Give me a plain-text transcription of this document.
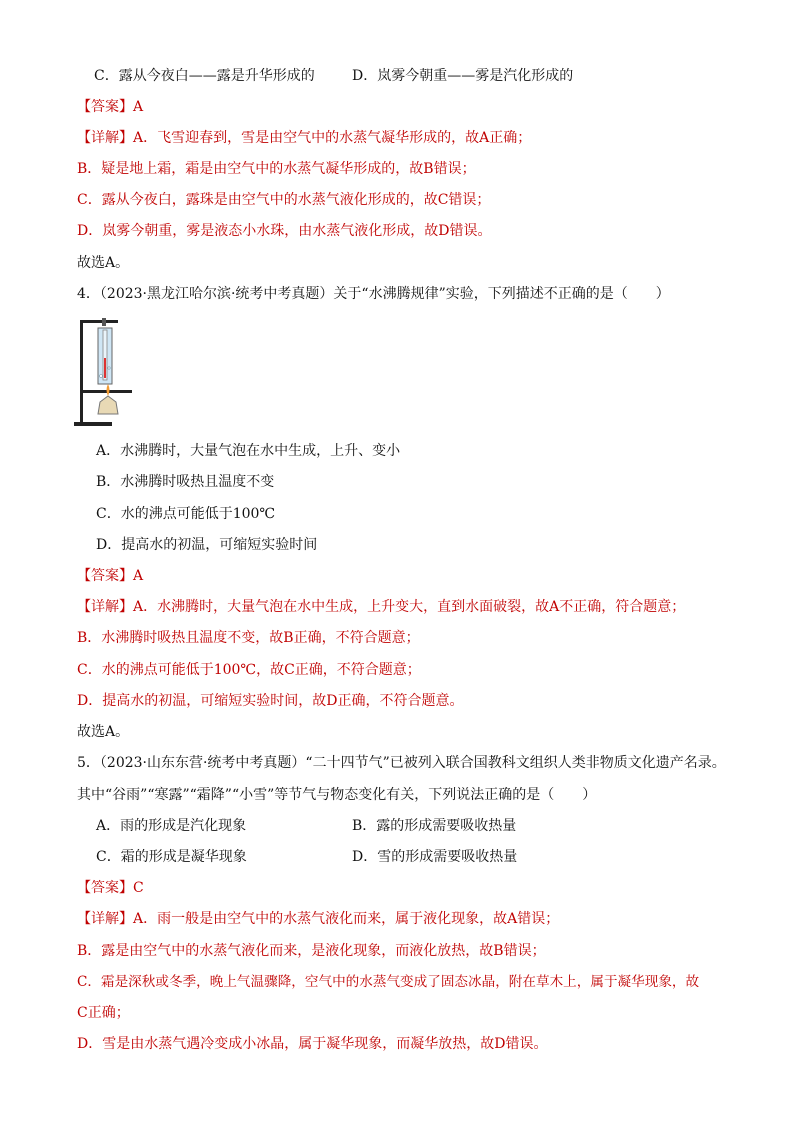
C．露从今夜白——露是升华形成的	D．岚雾今朝重——雾是汽化形成的
【答案】A
【详解】A．飞雪迎春到，雪是由空气中的水蒸气凝华形成的，故A正确；
B．疑是地上霜，霜是由空气中的水蒸气凝华形成的，故B错误；
C．露从今夜白，露珠是由空气中的水蒸气液化形成的，故C错误；
D．岚雾今朝重，雾是液态小水珠，由水蒸气液化形成，故D错误。
故选A。
4．（2023·黑龙江哈尔滨·统考中考真题）关于“水沸腾规律”实验，下列描述不正确的是（　　）
A．水沸腾时，大量气泡在水中生成，上升、变小
B．水沸腾时吸热且温度不变
C．水的沸点可能低于100℃
D．提高水的初温，可缩短实验时间
【答案】A
【详解】A．水沸腾时，大量气泡在水中生成，上升变大，直到水面破裂，故A不正确，符合题意；
B．水沸腾时吸热且温度不变，故B正确，不符合题意；
C．水的沸点可能低于100℃，故C正确，不符合题意；
D．提高水的初温，可缩短实验时间，故D正确，不符合题意。
故选A。
5．（2023·山东东营·统考中考真题）“二十四节气”已被列入联合国教科文组织人类非物质文化遗产名录。
其中“谷雨”“寒露”“霜降”“小雪”等节气与物态变化有关，下列说法正确的是（　　）
A．雨的形成是汽化现象	B．露的形成需要吸收热量
C．霜的形成是凝华现象	D．雪的形成需要吸收热量
【答案】C
【详解】A．雨一般是由空气中的水蒸气液化而来，属于液化现象，故A错误；
B．露是由空气中的水蒸气液化而来，是液化现象，而液化放热，故B错误；
C．霜是深秋或冬季，晚上气温骤降，空气中的水蒸气变成了固态冰晶，附在草木上，属于凝华现象，故
C正确；
D．雪是由水蒸气遇冷变成小冰晶，属于凝华现象，而凝华放热，故D错误。
